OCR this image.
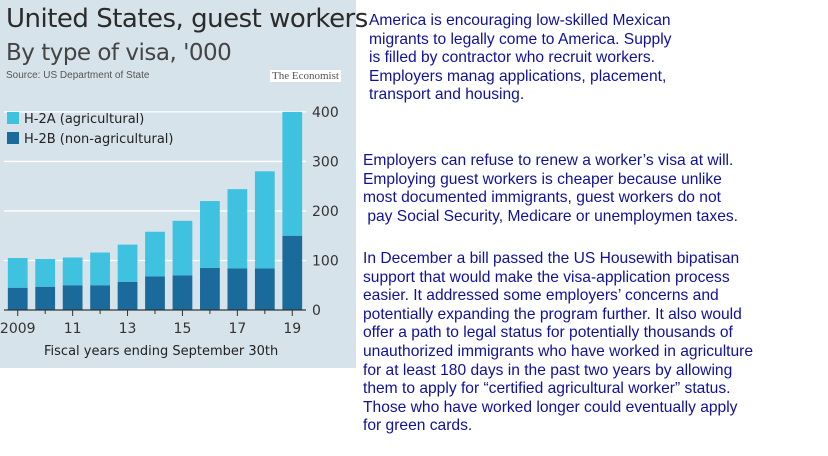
0
100
200
300
400
2009 11	13	15	17	19
Fiscal years ending September 30th
H-2A (agricultural)
H-2B (non-agricultural)
United States, guest workers
By type of visa, '000
Source: US Department of State	The Economist

America is encouraging low-skilled Mexican
migrants to legally come to America. Supply
is filled by contractor who recruit workers.
Employers manag applications, placement,
transport and housing.

Employers can refuse to renew a worker’s visa at will.
Employing guest workers is cheaper because unlike
most documented immigrants, guest workers do not
pay Social Security, Medicare or unemploymen taxes.

In December a bill passed the US Housewith bipatisan
support that would make the visa-application process
easier. It addressed some employers’ concerns and
potentially expanding the program further. It also would
offer a path to legal status for potentially thousands of
unauthorized immigrants who have worked in agriculture
for at least 180 days in the past two years by allowing
them to apply for “certified agricultural worker” status.
Those who have worked longer could eventually apply
for green cards.
